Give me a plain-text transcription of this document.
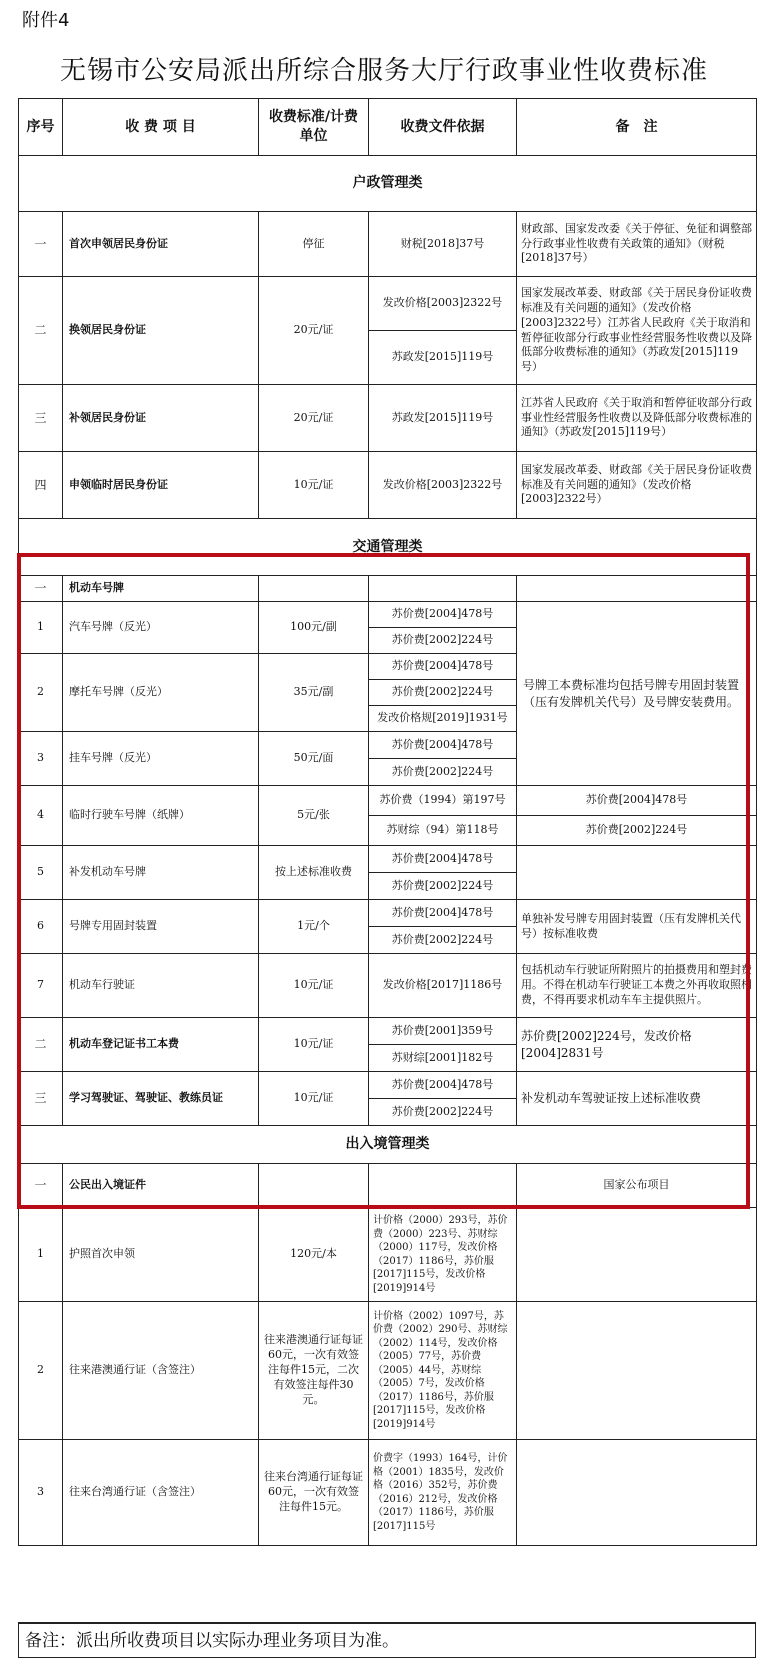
附件4
无锡市公安局派出所综合服务大厅行政事业性收费标准
序号	收 费 项 目	收费标准/计费单位	收费文件依据	备　注
户政管理类				
一	首次申领居民身份证	停征	财税[2018]37号	财政部、国家发改委《关于停征、免征和调整部分行政事业性收费有关政策的通知》（财税[2018]37号）
二	换领居民身份证	20元/证	发改价格[2003]2322号	国家发展改革委、财政部《关于居民身份证收费标准及有关问题的通知》（发改价格[2003]2322号）江苏省人民政府《关于取消和暂停征收部分行政事业性经营服务性收费以及降低部分收费标准的通知》（苏政发[2015]119号）
			苏政发[2015]119号	
三	补领居民身份证	20元/证	苏政发[2015]119号	江苏省人民政府《关于取消和暂停征收部分行政事业性经营服务性收费以及降低部分收费标准的通知》（苏政发[2015]119号）
四	申领临时居民身份证	10元/证	发改价格[2003]2322号	国家发展改革委、财政部《关于居民身份证收费标准及有关问题的通知》（发改价格[2003]2322号）
交通管理类				
一	机动车号牌			
1	汽车号牌（反光）	100元/副	苏价费[2004]478号	号牌工本费标准均包括号牌专用固封装置（压有发牌机关代号）及号牌安装费用。
			苏价费[2002]224号	
2	摩托车号牌（反光）	35元/副	苏价费[2004]478号	
			苏价费[2002]224号	
			发改价格规[2019]1931号	
3	挂车号牌（反光）	50元/面	苏价费[2004]478号	
			苏价费[2002]224号	
4	临时行驶车号牌（纸牌）	5元/张	苏价费（1994）第197号	苏价费[2004]478号
			苏财综（94）第118号	苏价费[2002]224号
5	补发机动车号牌	按上述标准收费	苏价费[2004]478号	
			苏价费[2002]224号	
6	号牌专用固封装置	1元/个	苏价费[2004]478号	单独补发号牌专用固封装置（压有发牌机关代号）按标准收费
			苏价费[2002]224号	
7	机动车行驶证	10元/证	发改价格[2017]1186号	包括机动车行驶证所附照片的拍摄费用和塑封费用。不得在机动车行驶证工本费之外再收取照相费，不得再要求机动车车主提供照片。
二	机动车登记证书工本费	10元/证	苏价费[2001]359号	苏价费[2002]224号，发改价格[2004]2831号
			苏财综[2001]182号	
三	学习驾驶证、驾驶证、教练员证	10元/证	苏价费[2004]478号	补发机动车驾驶证按上述标准收费
			苏价费[2002]224号	
出入境管理类				
一	公民出入境证件			国家公布项目
1	护照首次申领	120元/本	计价格（2000）293号，苏价费（2000）223号、苏财综（2000）117号，发改价格（2017）1186号，苏价服[2017]115号，发改价格[2019]914号	
2	往来港澳通行证（含签注）	往来港澳通行证每证60元，一次有效签注每件15元，二次有效签注每件30元。	计价格（2002）1097号，苏价费（2002）290号、苏财综（2002）114号，发改价格（2005）77号，苏价费（2005）44号，苏财综（2005）7号，发改价格（2017）1186号，苏价服[2017]115号，发改价格[2019]914号	
3	往来台湾通行证（含签注）	往来台湾通行证每证60元，一次有效签注每件15元。	价费字（1993）164号，计价格（2001）1835号，发改价格（2016）352号，苏价费（2016）212号，发改价格（2017）1186号，苏价服[2017]115号	
备注：派出所收费项目以实际办理业务项目为准。
